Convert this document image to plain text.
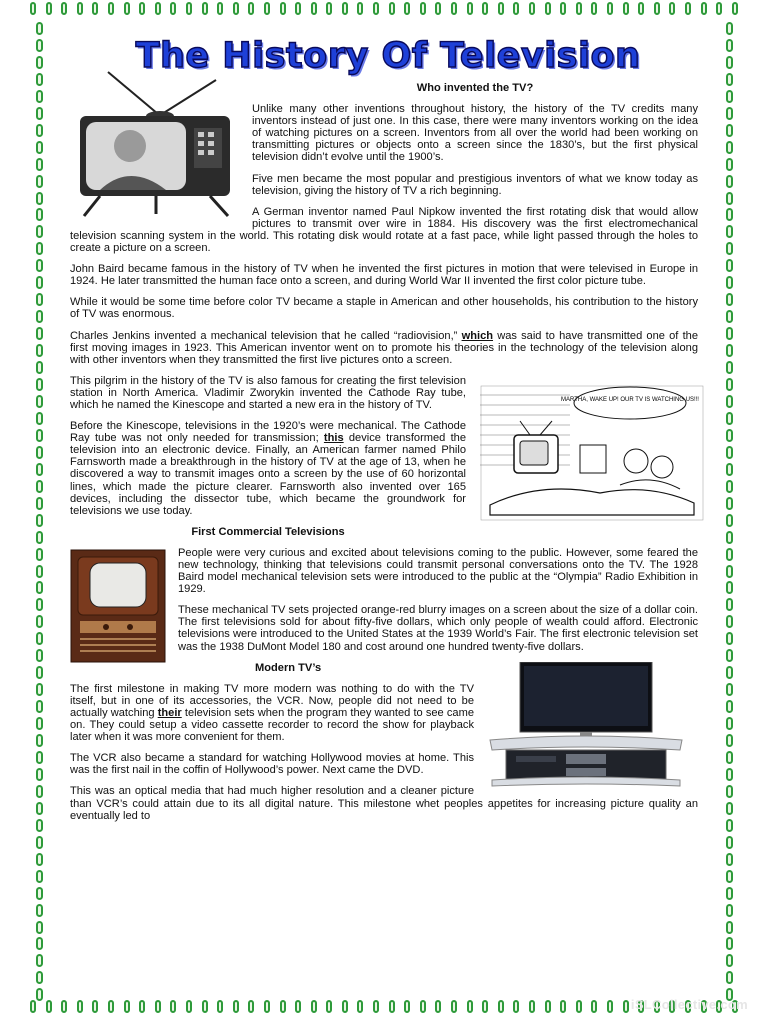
The History Of Television

Who invented the TV?

Unlike many other inventions throughout history, the history of the TV credits many inventors instead of just one. In this case, there were many inventors working on the idea of watching pictures on a screen. Inventors from all over the world had been working on transmitting pictures or objects onto a screen since the 1830’s, but the first physical television didn’t evolve until the 1900’s.

Five men became the most popular and prestigious inventors of what we know today as television, giving the history of TV a rich beginning.

A German inventor named Paul Nipkow invented the first rotating disk that would allow pictures to transmit over wire in 1884. His discovery was the first electromechanical television scanning system in the world. This rotating disk would rotate at a fast pace, while light passed through the holes to create a picture on a screen.

John Baird became famous in the history of TV when he invented the first pictures in motion that were televised in Europe in 1924. He later transmitted the human face onto a screen, and during World War II invented the first color picture tube.

While it would be some time before color TV became a staple in American and other households, his contribution to the history of TV was enormous.

Charles Jenkins invented a mechanical television that he called “radiovision,” which was said to have transmitted one of the first moving images in 1923. This American inventor went on to promote his theories in the technology of the television along with other inventors when they transmitted the first live pictures onto a screen.

MARTHA, WAKE UP! OUR TV IS WATCHING US!!!

This pilgrim in the history of the TV is also famous for creating the first television station in North America. Vladimir Zworykin invented the Cathode Ray tube, which he named the Kinescope and started a new era in the history of TV.

Before the Kinescope, televisions in the 1920’s were mechanical. The Cathode Ray tube was not only needed for transmission; this device transformed the television into an electronic device. Finally, an American farmer named Philo Farnsworth made a breakthrough in the history of TV at the age of 13, when he discovered a way to transmit images onto a screen by the use of 60 horizontal lines, which made the picture clearer. Farnsworth also invented over 165 devices, including the dissector tube, which became the groundwork for televisions we use today.

First Commercial Televisions

People were very curious and excited about televisions coming to the public. However, some feared the new technology, thinking that televisions could transmit personal conversations onto the TV. The 1928 Baird model mechanical television sets were introduced to the public at the “Olympia” Radio Exhibition in 1929.

These mechanical TV sets projected orange-red blurry images on a screen about the size of a dollar coin. The first televisions sold for about fifty-five dollars, which only people of wealth could afford. Electronic televisions were introduced to the United States at the 1939 World’s Fair. The first electronic television set was the 1938 DuMont Model 180 and cost around one hundred twenty-five dollars.

Modern TV’s

The first milestone in making TV more modern was nothing to do with the TV itself, but in one of its accessories, the VCR. Now, people did not need to be actually watching their television sets when the program they wanted to see came on. They could setup a video cassette recorder to record the show for playback later when it was more convenient for them.

The VCR also became a standard for watching Hollywood movies at home. This was the first nail in the coffin of Hollywood’s power. Next came the DVD.

This was an optical media that had much higher resolution and a cleaner picture than VCR’s could attain due to its all digital nature. This milestone whet peoples appetites for increasing picture quality an eventually led to

iSLCollective.com
